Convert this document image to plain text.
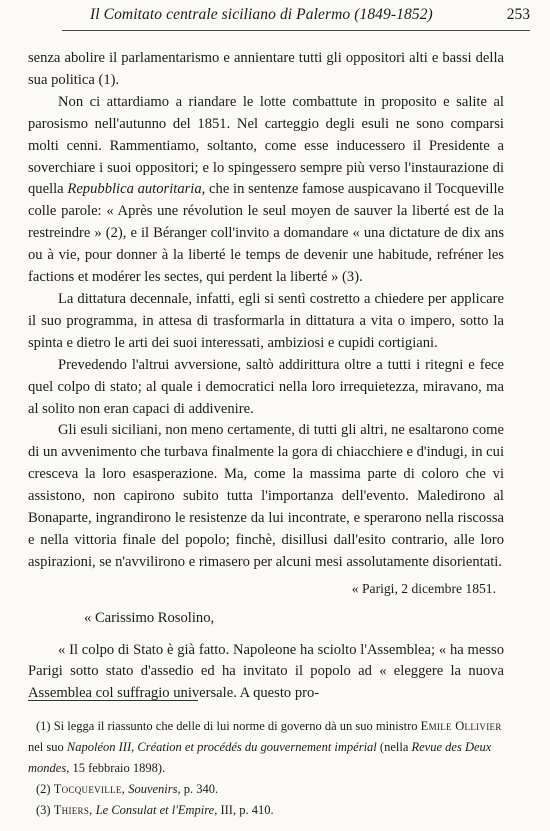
Il Comitato centrale siciliano di Palermo (1849-1852)	253

senza abolire il parlamentarismo e annientare tutti gli oppositori alti e bassi della sua politica (1).

Non ci attardiamo a riandare le lotte combattute in proposito e salite al parosismo nell'autunno del 1851. Nel carteggio degli esuli ne sono comparsi molti cenni. Rammentiamo, soltanto, come esse inducessero il Presidente a soverchiare i suoi oppositori; e lo spingessero sempre più verso l'instaurazione di quella Repubblica autoritaria, che in sentenze famose auspicavano il Tocqueville colle parole: « Après une révolution le seul moyen de sauver la liberté est de la restreindre » (2), e il Béranger coll'invito a domandare « una dictature de dix ans ou à vie, pour donner à la liberté le temps de devenir une habitude, refréner les factions et modérer les sectes, qui perdent la liberté » (3).

La dittatura decennale, infatti, egli si sentì costretto a chiedere per applicare il suo programma, in attesa di trasformarla in dittatura a vita o impero, sotto la spinta e dietro le arti dei suoi interessati, ambiziosi e cupidi cortigiani.

Prevedendo l'altrui avversione, saltò addirittura oltre a tutti i ritegni e fece quel colpo di stato; al quale i democratici nella loro irrequietezza, miravano, ma al solito non eran capaci di addivenire.

Gli esuli siciliani, non meno certamente, di tutti gli altri, ne esaltarono come di un avvenimento che turbava finalmente la gora di chiacchiere e d'indugi, in cui cresceva la loro esasperazione. Ma, come la massima parte di coloro che vi assistono, non capirono subito tutta l'importanza dell'evento. Maledirono al Bonaparte, ingrandirono le resistenze da lui incontrate, e sperarono nella riscossa e nella vittoria finale del popolo; finchè, disillusi dall'esito contrario, alle loro aspirazioni, se n'avvilirono e rimasero per alcuni mesi assolutamente disorientati.

« Parigi, 2 dicembre 1851.

« Carissimo Rosolino,

« Il colpo di Stato è già fatto. Napoleone ha sciolto l'Assemblea; « ha messo Parigi sotto stato d'assedio ed ha invitato il popolo ad « eleggere la nuova Assemblea col suffragio universale. A questo pro-

(1) Si legga il riassunto che delle di lui norme di governo dà un suo ministro Emile Ollivier nel suo Napoléon III, Création et procédés du gouvernement impérial (nella Revue des Deux mondes, 15 febbraio 1898).

(2) Tocqueville, Souvenirs, p. 340.

(3) Thiers, Le Consulat et l'Empire, III, p. 410.
